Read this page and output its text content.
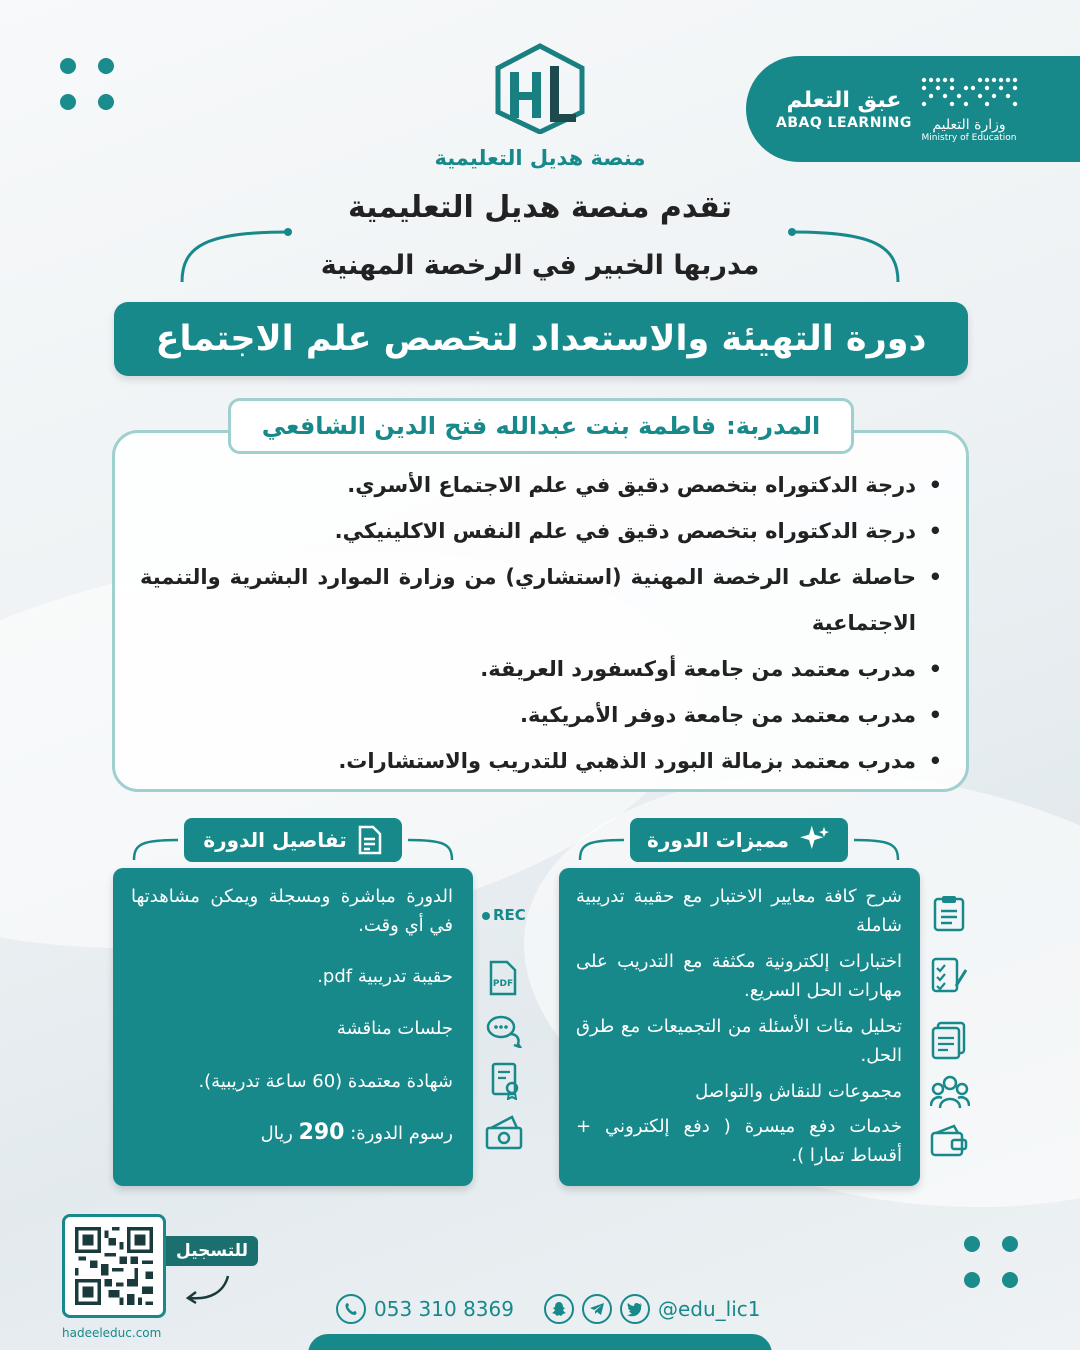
عبق التعلم
ABAQ LEARNING	وزارة التعليم
Ministry of Education
منصة هديل التعليمية
تقدم منصة هديل التعليمية
مدربها الخبير في الرخصة المهنية
دورة التهيئة والاستعداد لتخصص علم الاجتماع
المدربة:
فاطمة بنت عبدالله فتح الدين الشافعي
• درجة الدكتوراه بتخصص دقيق في علم الاجتماع الأسري.
• درجة الدكتوراه بتخصص دقيق في علم النفس الاكلينيكي.
• حاصلة على الرخصة المهنية (استشاري) من وزارة الموارد البشرية والتنمية الاجتماعية
• مدرب معتمد من جامعة أوكسفورد العريقة.
• مدرب معتمد من جامعة دوفر الأمريكية.
• مدرب معتمد بزمالة البورد الذهبي للتدريب والاستشارات.
مميزات الدورة
تفاصيل الدورة
شرح كافة معايير الاختبار مع حقيبة تدريبية شاملة
اختبارات إلكترونية مكثفة مع التدريب على مهارات الحل السريع.
تحليل مئات الأسئلة من التجميعات مع طرق الحل.
مجموعات للنقاش والتواصل
خدمات دفع ميسرة ( دفع إلكتروني + أقساط تمارا ).
الدورة مباشرة ومسجلة ويمكن مشاهدتها في أي وقت.
حقيبة تدريبية pdf.
جلسات مناقشة
شهادة معتمدة (60 ساعة تدريبية).
رسوم الدورة: 290 ريال
REC
PDF
للتسجيل
hadeeleduc.com
053 310 8369	@edu_lic1
